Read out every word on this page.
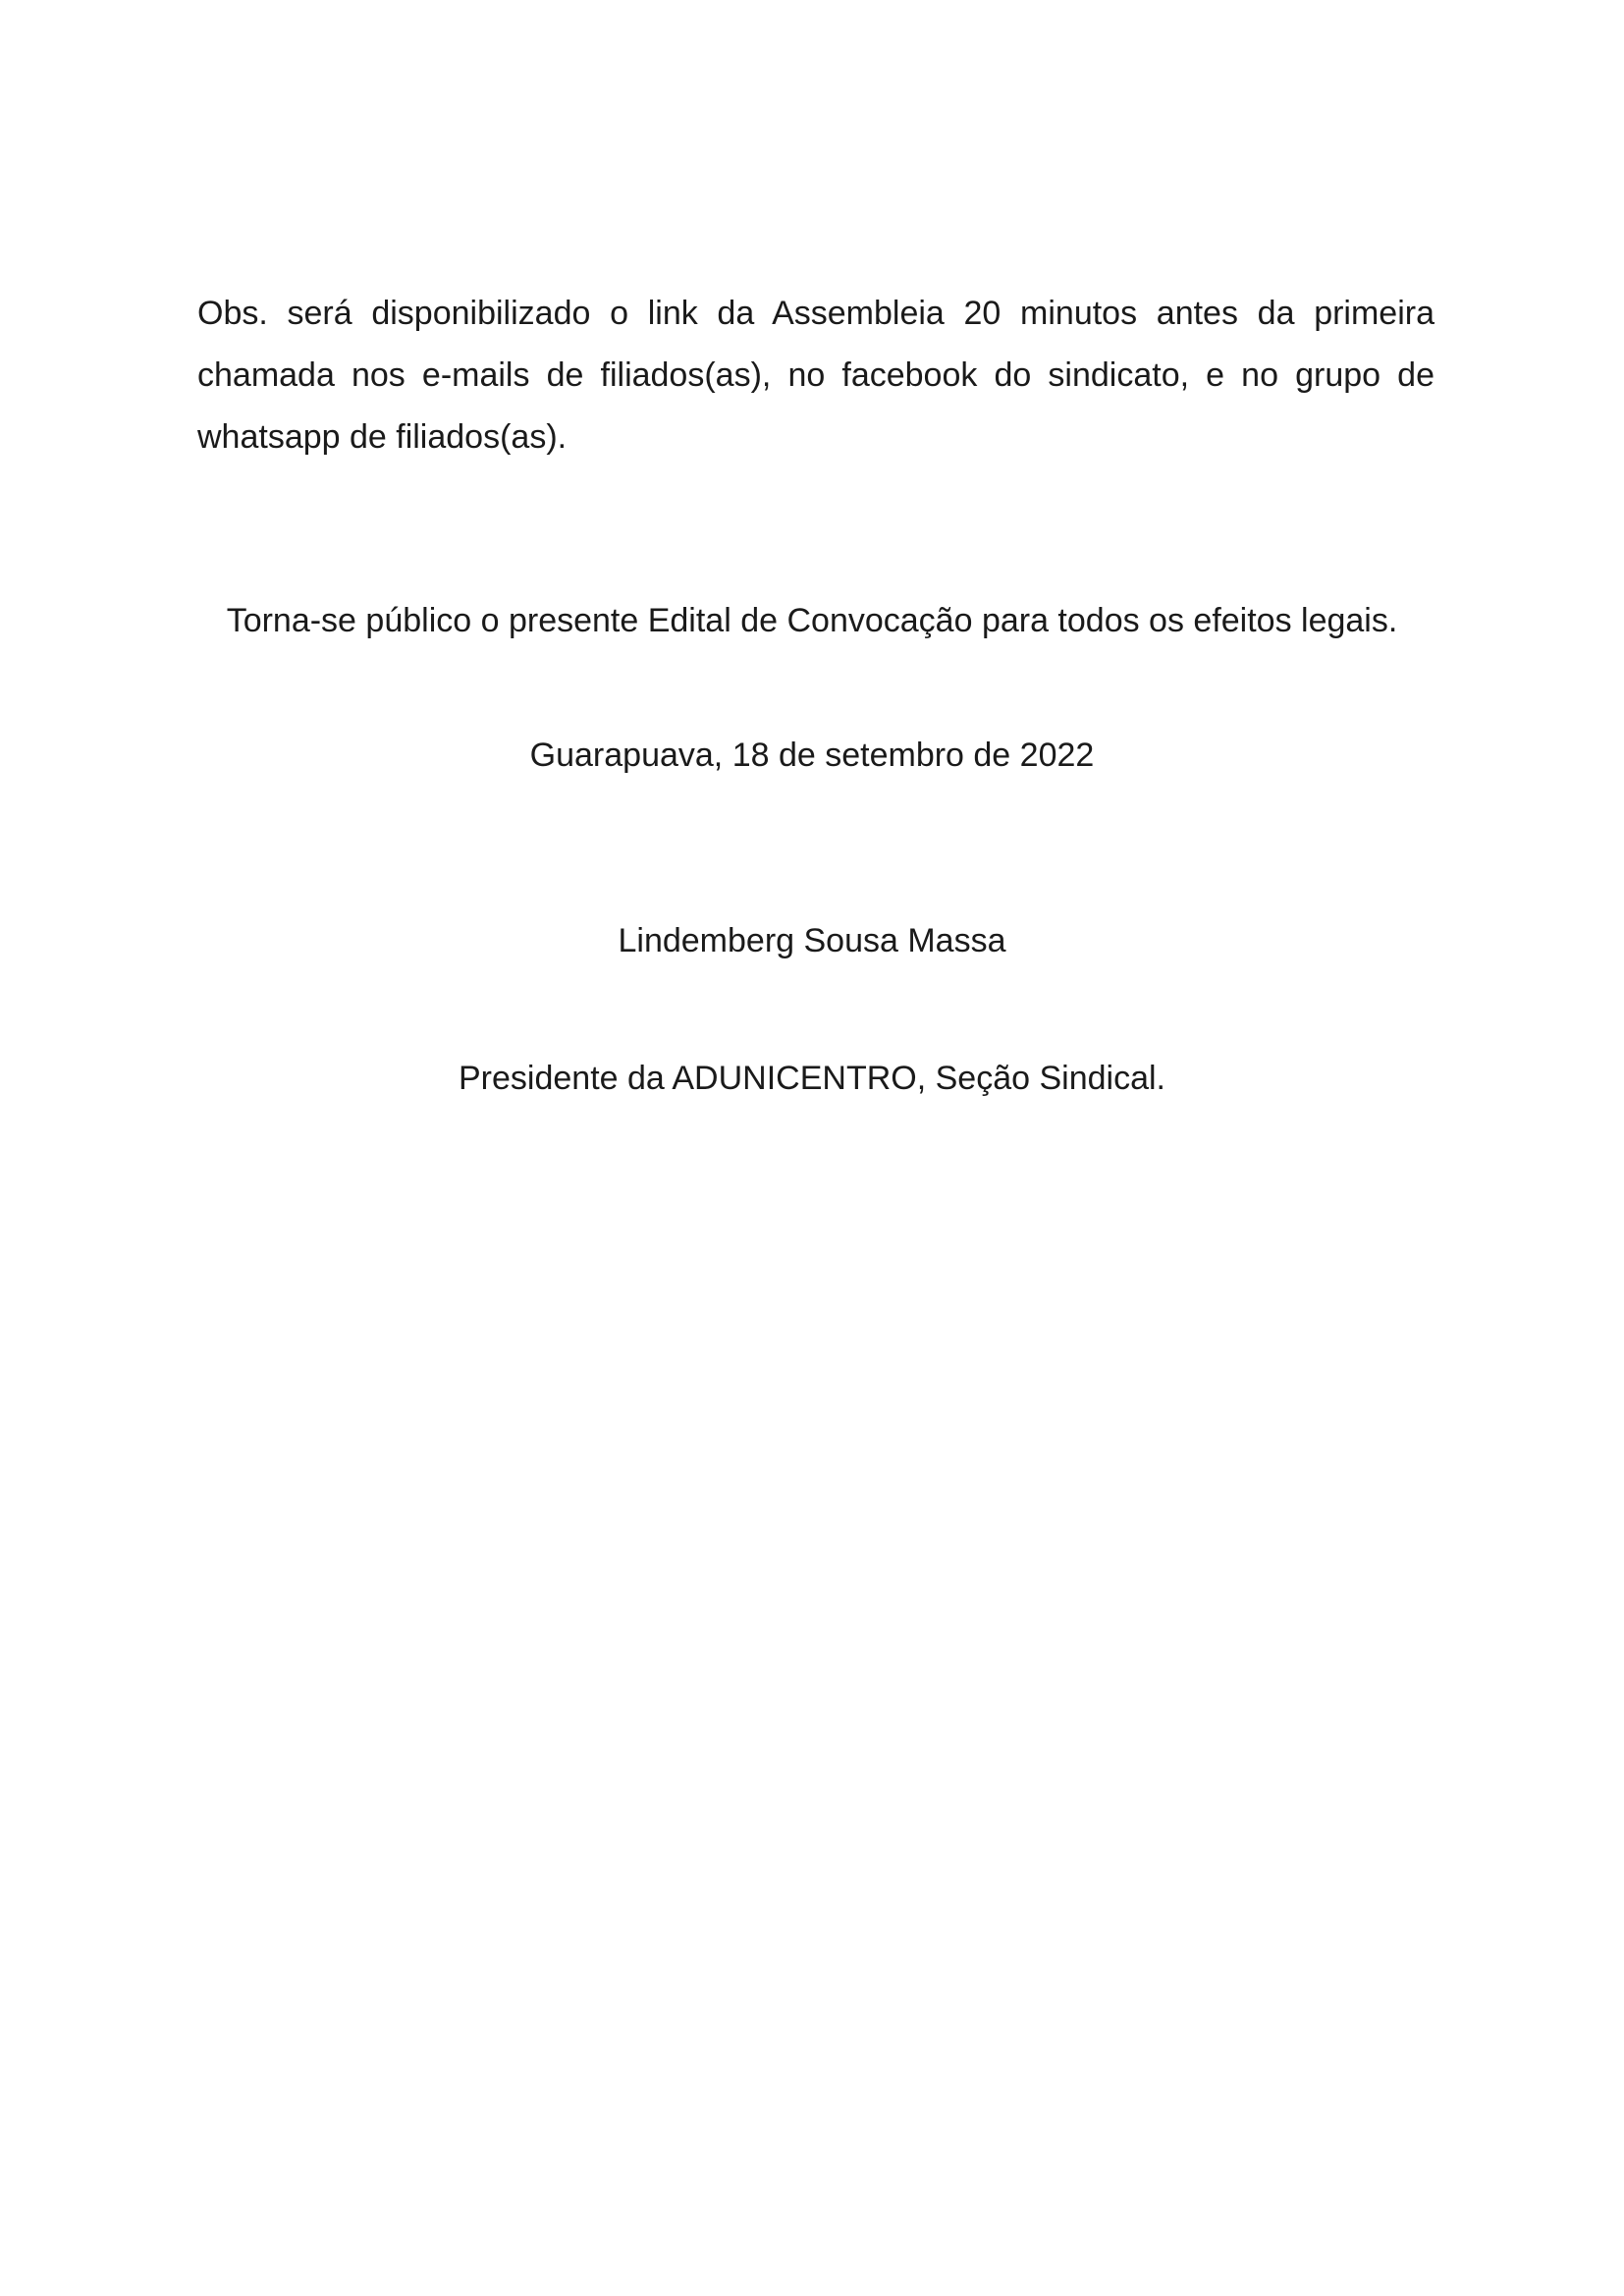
Obs. será disponibilizado o link da Assembleia 20 minutos antes da primeira chamada nos e-mails de filiados(as), no facebook do sindicato, e no grupo de whatsapp de filiados(as).

Torna-se público o presente Edital de Convocação para todos os efeitos legais.
Guarapuava, 18 de setembro de 2022
Lindemberg Sousa Massa
Presidente da ADUNICENTRO, Seção Sindical.
